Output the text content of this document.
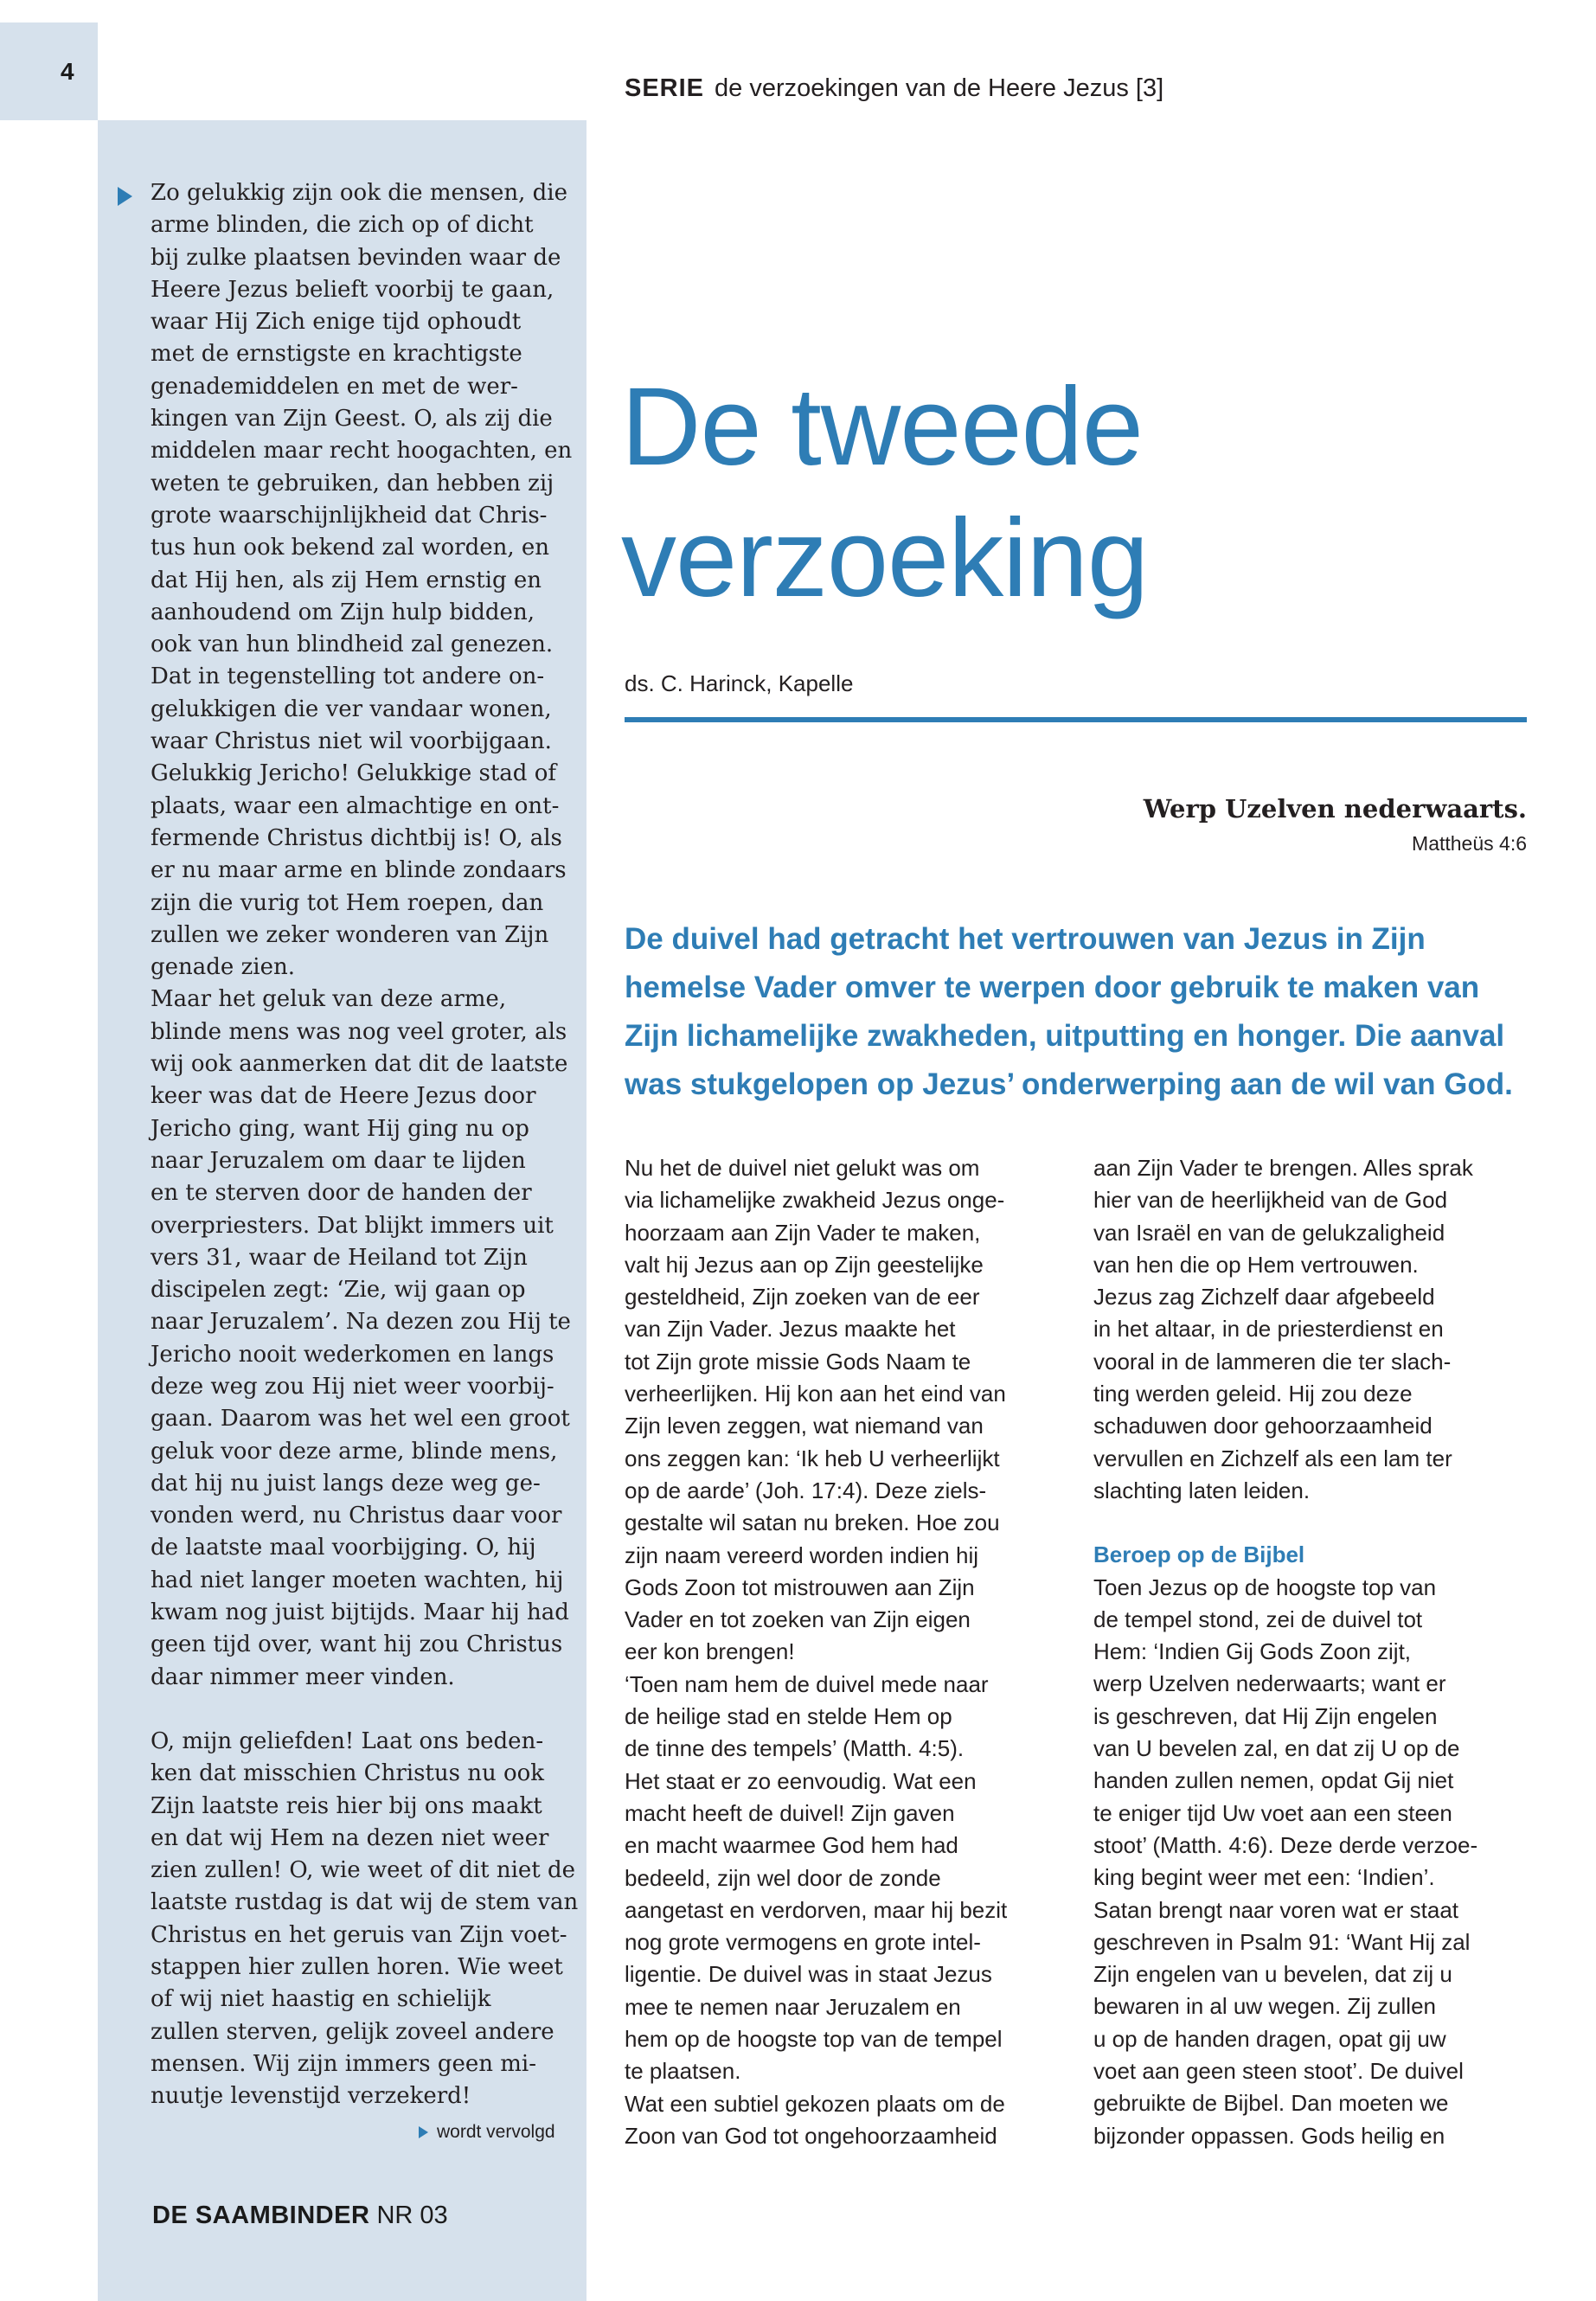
4
SERIE de verzoekingen van de Heere Jezus [3]
Zo gelukkig zijn ook die mensen, die
arme blinden, die zich op of dicht
bij zulke plaatsen bevinden waar de
Heere Jezus belieft voorbij te gaan,
waar Hij Zich enige tijd ophoudt
met de ernstigste en krachtigste
genademiddelen en met de wer-
kingen van Zijn Geest. O, als zij die
middelen maar recht hoogachten, en
weten te gebruiken, dan hebben zij
grote waarschijnlijkheid dat Chris-
tus hun ook bekend zal worden, en
dat Hij hen, als zij Hem ernstig en
aanhoudend om Zijn hulp bidden,
ook van hun blindheid zal genezen.
Dat in tegenstelling tot andere on-
gelukkigen die ver vandaar wonen,
waar Christus niet wil voorbijgaan.
Gelukkig Jericho! Gelukkige stad of
plaats, waar een almachtige en ont-
fermende Christus dichtbij is! O, als
er nu maar arme en blinde zondaars
zijn die vurig tot Hem roepen, dan
zullen we zeker wonderen van Zijn
genade zien.
Maar het geluk van deze arme,
blinde mens was nog veel groter, als
wij ook aanmerken dat dit de laatste
keer was dat de Heere Jezus door
Jericho ging, want Hij ging nu op
naar Jeruzalem om daar te lijden
en te sterven door de handen der
overpriesters. Dat blijkt immers uit
vers 31, waar de Heiland tot Zijn
discipelen zegt: ‘Zie, wij gaan op
naar Jeruzalem’. Na dezen zou Hij te
Jericho nooit wederkomen en langs
deze weg zou Hij niet weer voorbij-
gaan. Daarom was het wel een groot
geluk voor deze arme, blinde mens,
dat hij nu juist langs deze weg ge-
vonden werd, nu Christus daar voor
de laatste maal voorbijging. O, hij
had niet langer moeten wachten, hij
kwam nog juist bijtijds. Maar hij had
geen tijd over, want hij zou Christus
daar nimmer meer vinden.
O, mijn geliefden! Laat ons beden-
ken dat misschien Christus nu ook
Zijn laatste reis hier bij ons maakt
en dat wij Hem na dezen niet weer
zien zullen! O, wie weet of dit niet de
laatste rustdag is dat wij de stem van
Christus en het geruis van Zijn voet-
stappen hier zullen horen. Wie weet
of wij niet haastig en schielijk
zullen sterven, gelijk zoveel andere
mensen. Wij zijn immers geen mi-
nuutje levenstijd verzekerd!
wordt vervolgd
DE SAAMBINDER NR 03
De tweede
verzoeking
ds. C. Harinck, Kapelle
Werp Uzelven nederwaarts.
Mattheüs 4:6
De duivel had getracht het vertrouwen van Jezus in Zijn
hemelse Vader omver te werpen door gebruik te maken van
Zijn lichamelijke zwakheden, uitputting en honger. Die aanval
was stukgelopen op Jezus’ onderwerping aan de wil van God.
Nu het de duivel niet gelukt was om
via lichamelijke zwakheid Jezus onge-
hoorzaam aan Zijn Vader te maken,
valt hij Jezus aan op Zijn geestelijke
gesteldheid, Zijn zoeken van de eer
van Zijn Vader. Jezus maakte het
tot Zijn grote missie Gods Naam te
verheerlijken. Hij kon aan het eind van
Zijn leven zeggen, wat niemand van
ons zeggen kan: ‘Ik heb U verheerlijkt
op de aarde’ (Joh. 17:4). Deze ziels-
gestalte wil satan nu breken. Hoe zou
zijn naam vereerd worden indien hij
Gods Zoon tot mistrouwen aan Zijn
Vader en tot zoeken van Zijn eigen
eer kon brengen!
‘Toen nam hem de duivel mede naar
de heilige stad en stelde Hem op
de tinne des tempels’ (Matth. 4:5).
Het staat er zo eenvoudig. Wat een
macht heeft de duivel! Zijn gaven
en macht waarmee God hem had
bedeeld, zijn wel door de zonde
aangetast en verdorven, maar hij bezit
nog grote vermogens en grote intel-
ligentie. De duivel was in staat Jezus
mee te nemen naar Jeruzalem en
hem op de hoogste top van de tempel
te plaatsen.
Wat een subtiel gekozen plaats om de
Zoon van God tot ongehoorzaamheid
aan Zijn Vader te brengen. Alles sprak
hier van de heerlijkheid van de God
van Israël en van de gelukzaligheid
van hen die op Hem vertrouwen.
Jezus zag Zichzelf daar afgebeeld
in het altaar, in de priesterdienst en
vooral in de lammeren die ter slach-
ting werden geleid. Hij zou deze
schaduwen door gehoorzaamheid
vervullen en Zichzelf als een lam ter
slachting laten leiden.
Beroep op de Bijbel
Toen Jezus op de hoogste top van
de tempel stond, zei de duivel tot
Hem: ‘Indien Gij Gods Zoon zijt,
werp Uzelven nederwaarts; want er
is geschreven, dat Hij Zijn engelen
van U bevelen zal, en dat zij U op de
handen zullen nemen, opdat Gij niet
te eniger tijd Uw voet aan een steen
stoot’ (Matth. 4:6). Deze derde verzoe-
king begint weer met een: ‘Indien’.
Satan brengt naar voren wat er staat
geschreven in Psalm 91: ‘Want Hij zal
Zijn engelen van u bevelen, dat zij u
bewaren in al uw wegen. Zij zullen
u op de handen dragen, opat gij uw
voet aan geen steen stoot’. De duivel
gebruikte de Bijbel. Dan moeten we
bijzonder oppassen. Gods heilig en
